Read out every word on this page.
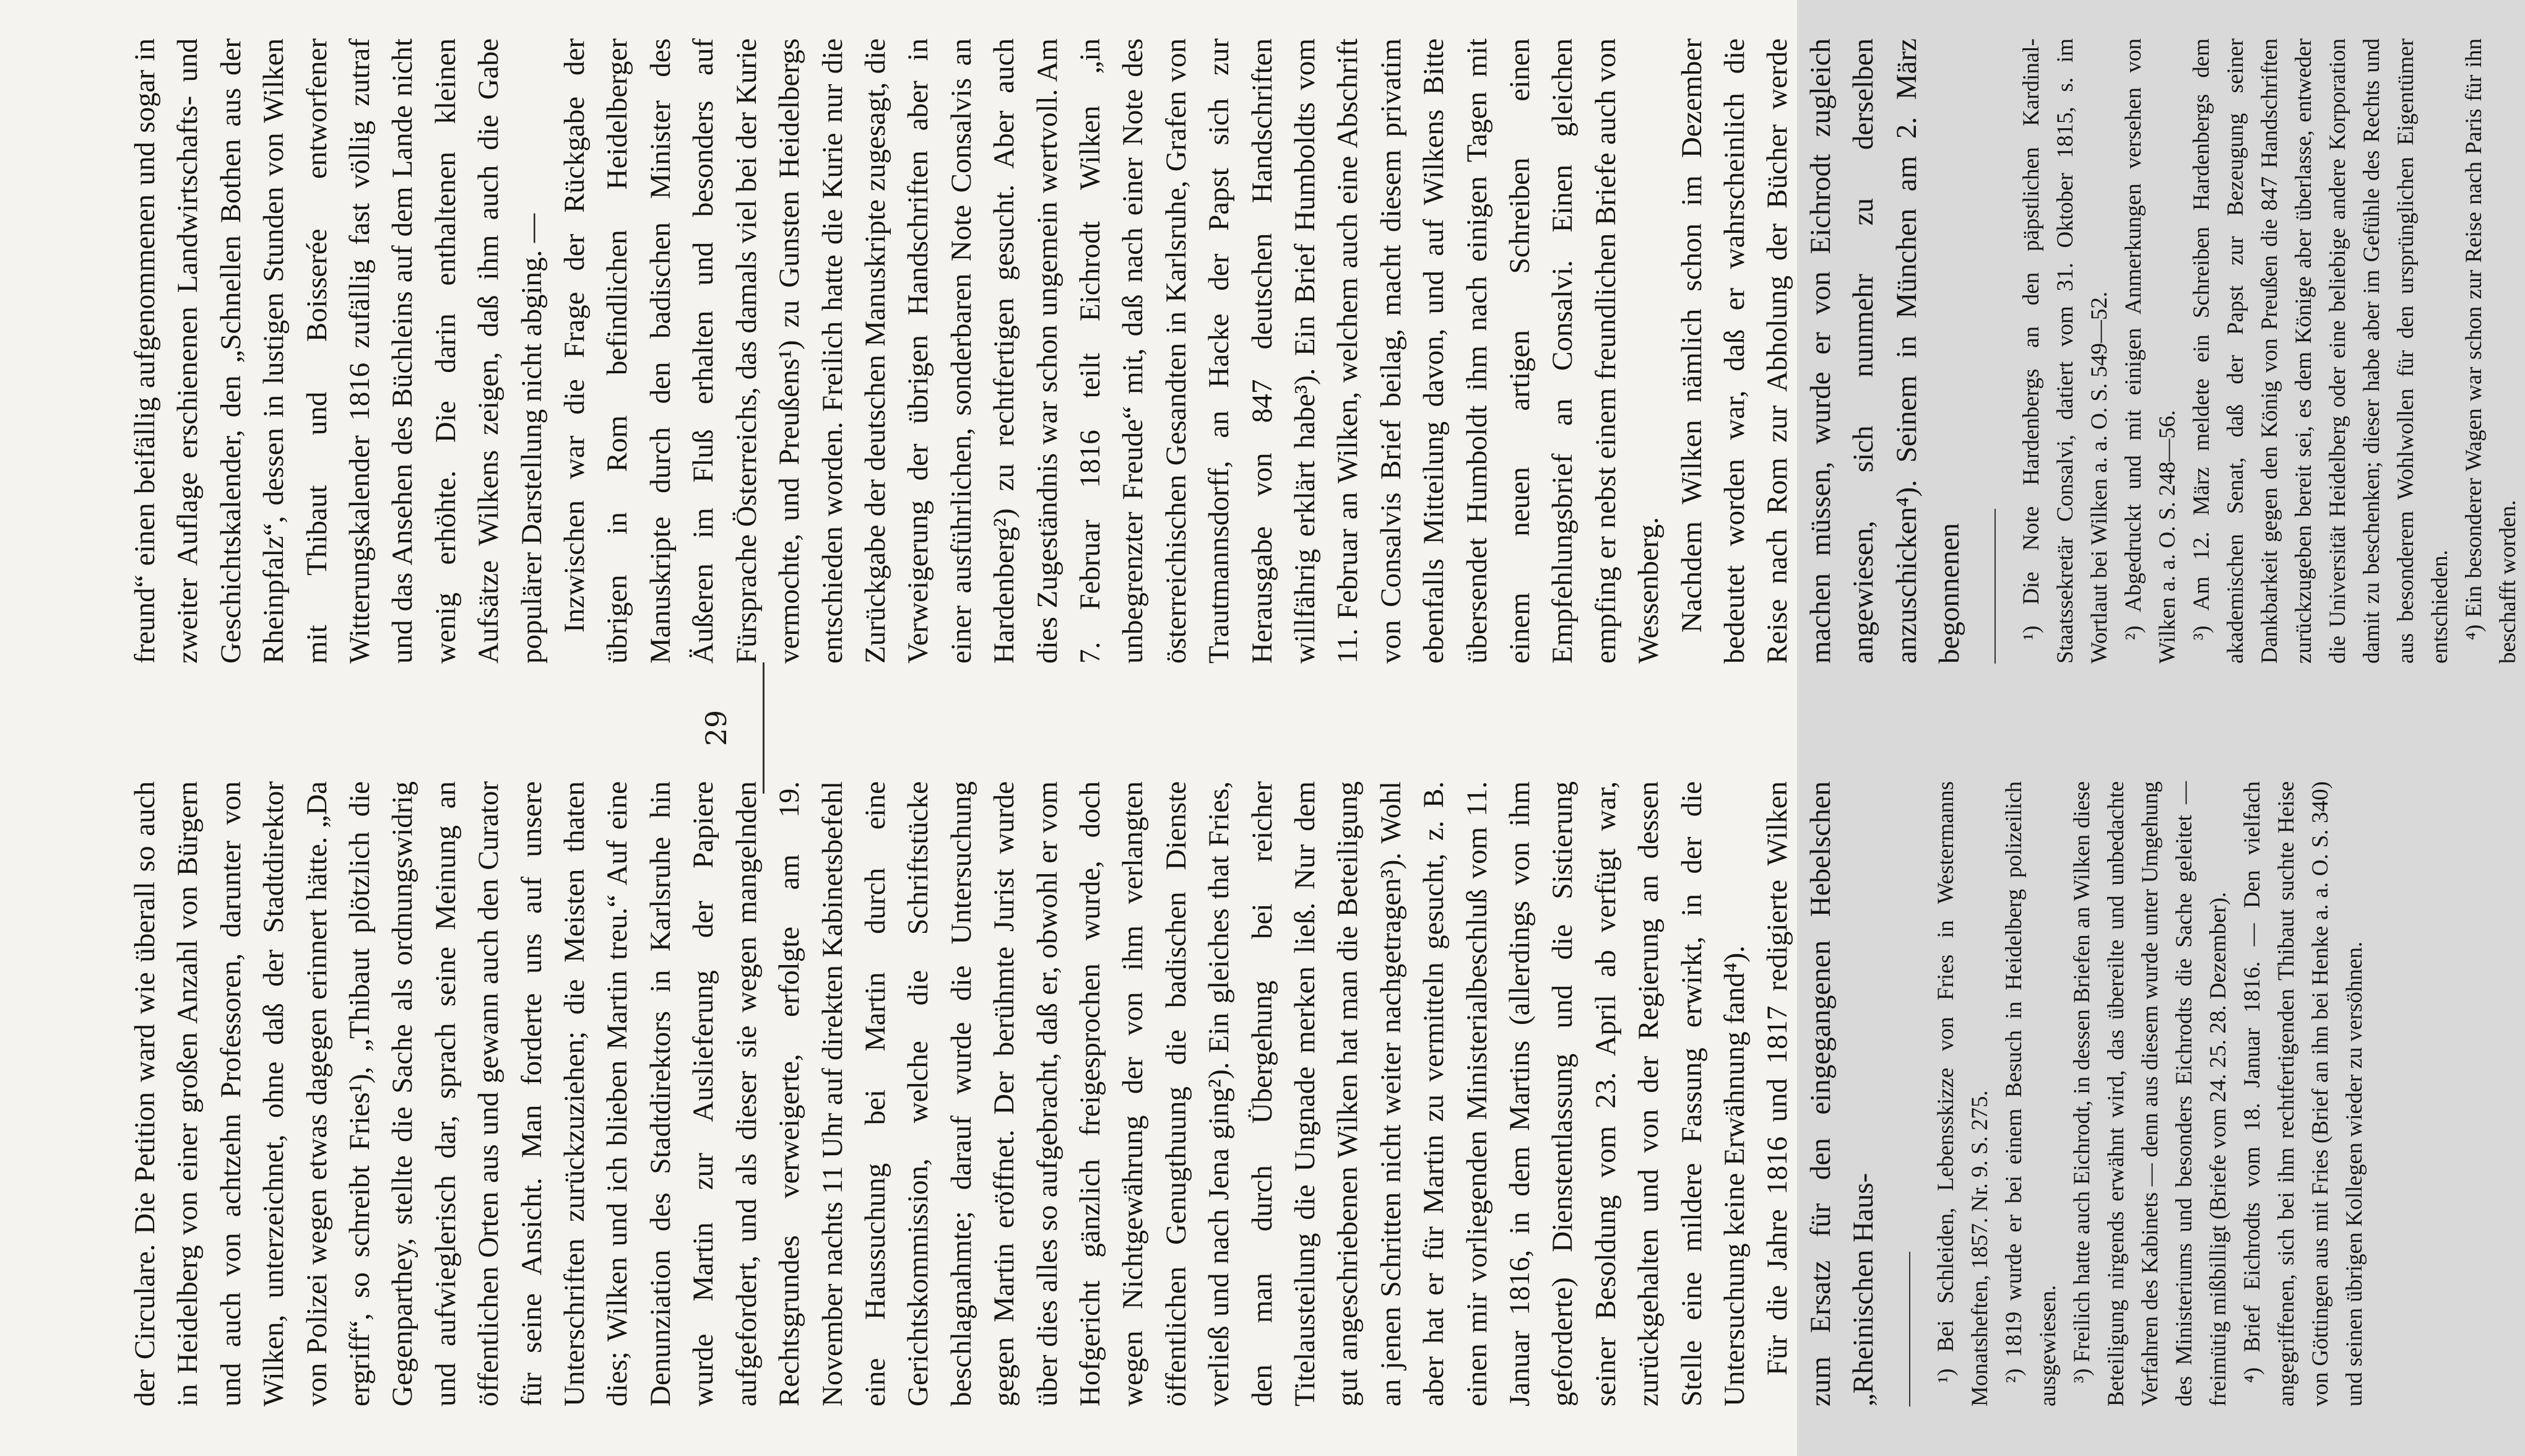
29

der Circulare. Die Petition ward wie überall so auch in Heidelberg von einer großen Anzahl von Bürgern und auch von achtzehn Professoren, darunter von Wilken, unterzeichnet, ohne daß der Stadtdirektor von Polizei wegen etwas dagegen erinnert hätte. „Da ergriff“, so schreibt Fries¹), „Thibaut plötzlich die Gegenparthey, stellte die Sache als ordnungswidrig und aufwieglerisch dar, sprach seine Meinung an öffentlichen Orten aus und gewann auch den Curator für seine Ansicht. Man forderte uns auf unsere Unterschriften zurückzuziehen; die Meisten thaten dies; Wilken und ich blieben Martin treu.“ Auf eine Denunziation des Stadtdirektors in Karlsruhe hin wurde Martin zur Auslieferung der Papiere aufgefordert, und als dieser sie wegen mangelnden Rechtsgrundes verweigerte, erfolgte am 19. November nachts 11 Uhr auf direkten Kabinetsbefehl eine Haussuchung bei Martin durch eine Gerichtskommission, welche die Schriftstücke beschlagnahmte; darauf wurde die Untersuchung gegen Martin eröffnet. Der berühmte Jurist wurde über dies alles so aufgebracht, daß er, obwohl er vom Hofgericht gänzlich freigesprochen wurde, doch wegen Nichtgewährung der von ihm verlangten öffentlichen Genugthuung die badischen Dienste verließ und nach Jena ging²). Ein gleiches that Fries, den man durch Übergehung bei reicher Titelausteilung die Ungnade merken ließ. Nur dem gut angeschriebenen Wilken hat man die Beteiligung an jenen Schritten nicht weiter nachgetragen³). Wohl aber hat er für Martin zu vermitteln gesucht, z. B. einen mir vorliegenden Ministerialbeschluß vom 11. Januar 1816, in dem Martins (allerdings von ihm geforderte) Dienstentlassung und die Sistierung seiner Besoldung vom 23. April ab verfügt war, zurückgehalten und von der Regierung an dessen Stelle eine mildere Fassung erwirkt, in der die Untersuchung keine Erwähnung fand⁴). Für die Jahre 1816 und 1817 redigierte Wilken zum Ersatz für den eingegangenen Hebelschen „Rheinischen Haus- ¹) Bei Schleiden, Lebensskizze von Fries in Westermanns Monatsheften, 1857. Nr. 9. S. 275. ²) 1819 wurde er bei einem Besuch in Heidelberg polizeilich ausgewiesen. ³) Freilich hatte auch Eichrodt, in dessen Briefen an Wilken diese Beteiligung nirgends erwähnt wird, das übereilte und unbedachte Verfahren des Kabinets — denn aus diesem wurde unter Umgehung des Ministeriums und besonders Eichrodts die Sache geleitet — freimütig mißbilligt (Briefe vom 24. 25. 28. Dezember). ⁴) Brief Eichrodts vom 18. Januar 1816. — Den vielfach angegriffenen, sich bei ihm rechtfertigenden Thibaut suchte Heise von Göttingen aus mit Fries (Brief an ihn bei Henke a. a. O. S. 340) und seinen übrigen Kollegen wieder zu versöhnen.

freund“ einen beifällig aufgenommenen und sogar in zweiter Auflage erschienenen Landwirtschafts- und Geschichtskalender, den „Schnellen Bothen aus der Rheinpfalz“, dessen in lustigen Stunden von Wilken mit Thibaut und Boisserée entworfener Witterungskalender 1816 zufällig fast völlig zutraf und das Ansehen des Büchleins auf dem Lande nicht wenig erhöhte. Die darin enthaltenen kleinen Aufsätze Wilkens zeigen, daß ihm auch die Gabe populärer Darstellung nicht abging. — Inzwischen war die Frage der Rückgabe der übrigen in Rom befindlichen Heidelberger Manuskripte durch den badischen Minister des Äußeren im Fluß erhalten und besonders auf Fürsprache Österreichs, das damals viel bei der Kurie vermochte, und Preußens¹) zu Gunsten Heidelbergs entschieden worden. Freilich hatte die Kurie nur die Zurückgabe der deutschen Manuskripte zugesagt, die Verweigerung der übrigen Handschriften aber in einer ausführlichen, sonderbaren Note Consalvis an Hardenberg²) zu rechtfertigen gesucht. Aber auch dies Zugeständnis war schon ungemein wertvoll. Am 7. Februar 1816 teilt Eichrodt Wilken „in unbegrenzter Freude“ mit, daß nach einer Note des österreichischen Gesandten in Karlsruhe, Grafen von Trautmannsdorff, an Hacke der Papst sich zur Herausgabe von 847 deutschen Handschriften willfährig erklärt habe³). Ein Brief Humboldts vom 11. Februar an Wilken, welchem auch eine Abschrift von Consalvis Brief beilag, macht diesem privatim ebenfalls Mitteilung davon, und auf Wilkens Bitte übersendet Humboldt ihm nach einigen Tagen mit einem neuen artigen Schreiben einen Empfehlungsbrief an Consalvi. Einen gleichen empfing er nebst einem freundlichen Briefe auch von Wessenberg. Nachdem Wilken nämlich schon im Dezember bedeutet worden war, daß er wahrscheinlich die Reise nach Rom zur Abholung der Bücher werde machen müssen, wurde er von Eichrodt zugleich angewiesen, sich nunmehr zu derselben anzuschicken⁴). Seinem in München am 2. März begonnenen ¹) Die Note Hardenbergs an den päpstlichen Kardinal-Staatssekretär Consalvi, datiert vom 31. Oktober 1815, s. im Wortlaut bei Wilken a. a. O. S. 549—52. ²) Abgedruckt und mit einigen Anmerkungen versehen von Wilken a. a. O. S. 248—56. ³) Am 12. März meldete ein Schreiben Hardenbergs dem akademischen Senat, daß der Papst zur Bezeugung seiner Dankbarkeit gegen den König von Preußen die 847 Handschriften zurückzugeben bereit sei, es dem Könige aber überlasse, entweder die Universität Heidelberg oder eine beliebige andere Korporation damit zu beschenken; dieser habe aber im Gefühle des Rechts und aus besonderem Wohlwollen für den ursprünglichen Eigentümer entschieden. ⁴) Ein besonderer Wagen war schon zur Reise nach Paris für ihn beschafft worden.
